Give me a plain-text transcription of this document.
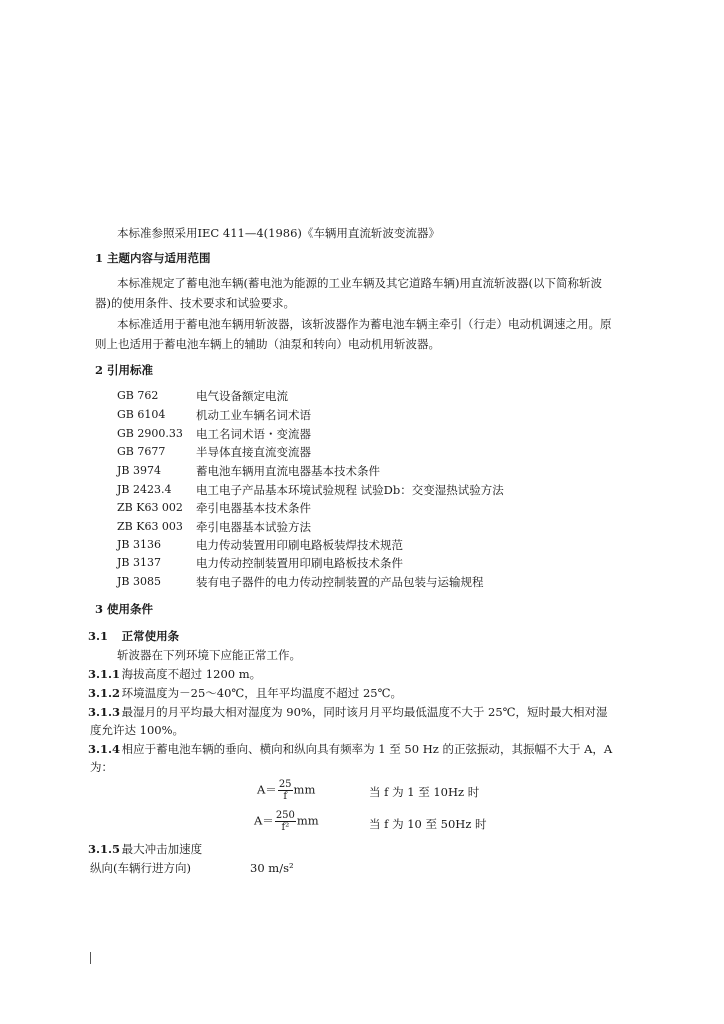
本标准参照采用IEC 411—4(1986)《车辆用直流斩波变流器》
1 主题内容与适用范围
本标准规定了蓄电池车辆(蓄电池为能源的工业车辆及其它道路车辆)用直流斩波器(以下简称斩波
器)的使用条件、技术要求和试验要求。
本标准适用于蓄电池车辆用斩波器，该斩波器作为蓄电池车辆主牵引（行走）电动机调速之用。原
则上也适用于蓄电池车辆上的辅助（油泵和转向）电动机用斩波器。
2 引用标准
GB 762	电气设备额定电流
GB 6104	机动工业车辆名词术语
GB 2900.33 电工名词术语・变流器
GB 7677	半导体直接直流变流器
JB 3974	蓄电池车辆用直流电器基本技术条件
JB 2423.4 电工电子产品基本环境试验规程 试验Db：交变湿热试验方法
ZB K63 002 牵引电器基本技术条件
ZB K63 003 牵引电器基本试验方法
JB 3136	电力传动装置用印刷电路板装焊技术规范
JB 3137	电力传动控制装置用印刷电路板技术条件
JB 3085	装有电子器件的电力传动控制装置的产品包装与运输规程
3 使用条件
3.1 正常使用条
斩波器在下列环境下应能正常工作。
3.1.1 海拔高度不超过 1200 m。
3.1.2 环境温度为－25～40℃，且年平均温度不超过 25℃。
3.1.3 最湿月的月平均最大相对湿度为 90%，同时该月月平均最低温度不大于 25℃，短时最大相对湿
度允许达 100%。
3.1.4 相应于蓄电池车辆的垂向、横向和纵向具有频率为 1 至 50 Hz 的正弦振动，其振幅不大于 A，A
为：
$A= \frac{25}{f}$ mm	当 f 为 1 至 10Hz 时
$A= \frac{250}{\text{f²}}$ mm	当 f 为 10 至 50Hz 时
3.1.5 最大冲击加速度
纵向(车辆行进方向)	30 m/s²
